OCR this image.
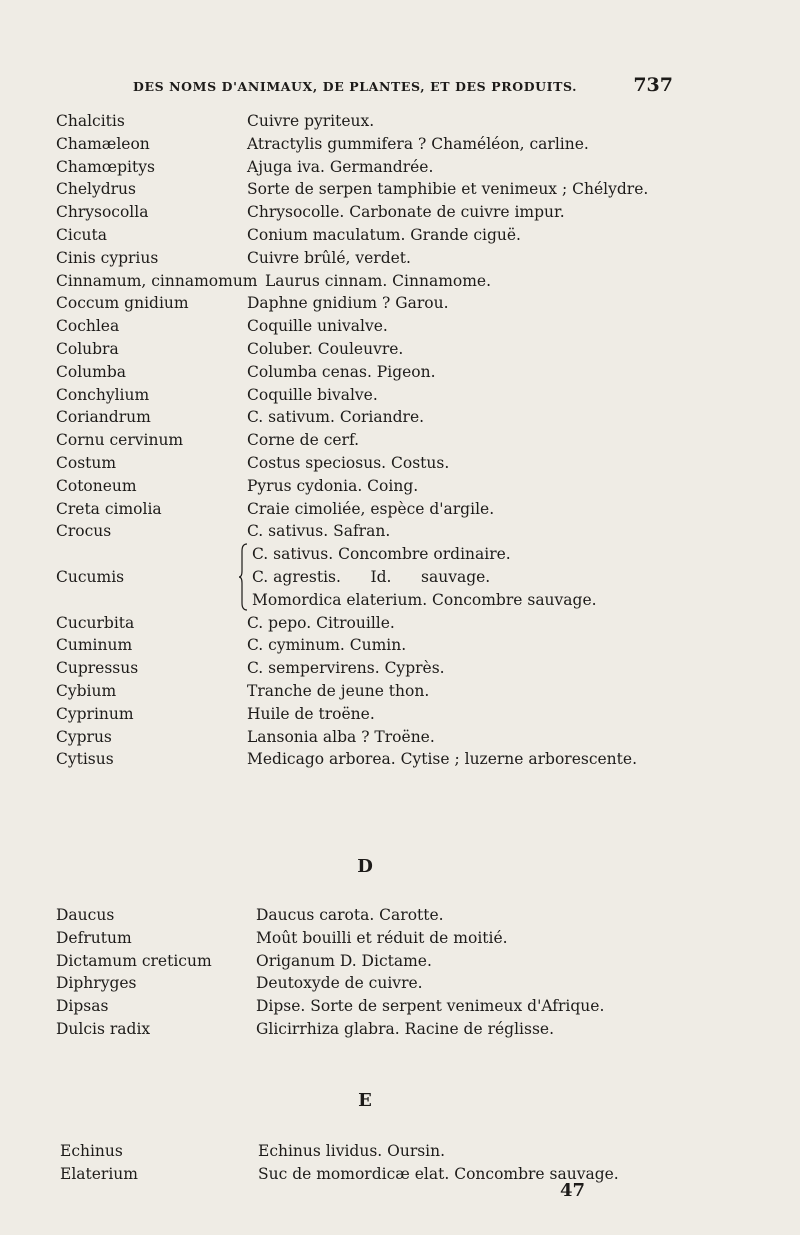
DES NOMS D'ANIMAUX, DE PLANTES, ET DES PRODUITS.	737
Chalcitis	Cuivre pyriteux.
Chamæleon	Atractylis gummifera ? Chaméléon, carline.
Chamœpitys	Ajuga iva. Germandrée.
Chelydrus	Sorte de serpen tamphibie et venimeux ; Chélydre.
Chrysocolla	Chrysocolle. Carbonate de cuivre impur.
Cicuta	Conium maculatum. Grande ciguë.
Cinis cyprius	Cuivre brûlé, verdet.
Cinnamum, cinnamomum Laurus cinnam. Cinnamome.
Coccum gnidium	Daphne gnidium ? Garou.
Cochlea	Coquille univalve.
Colubra	Coluber. Couleuvre.
Columba	Columba cenas. Pigeon.
Conchylium	Coquille bivalve.
Coriandrum	C. sativum. Coriandre.
Cornu cervinum	Corne de cerf.
Costum	Costus speciosus. Costus.
Cotoneum	Pyrus cydonia. Coing.
Creta cimolia	Craie cimoliée, espèce d'argile.
Crocus	C. sativus. Safran.
Cucumis
C. sativus. Concombre ordinaire.
C. agrestis.      Id.      sauvage.
Momordica elaterium. Concombre sauvage.
Cucurbita	C. pepo. Citrouille.
Cuminum	C. cyminum. Cumin.
Cupressus	C. sempervirens. Cyprès.
Cybium	Tranche de jeune thon.
Cyprinum	Huile de troëne.
Cyprus	Lansonia alba ? Troëne.
Cytisus	Medicago arborea. Cytise ; luzerne arborescente.
D
Daucus	Daucus carota. Carotte.
Defrutum	Moût bouilli et réduit de moitié.
Dictamum creticum	Origanum D. Dictame.
Diphryges	Deutoxyde de cuivre.
Dipsas	Dipse. Sorte de serpent venimeux d'Afrique.
Dulcis radix	Glicirrhiza glabra. Racine de réglisse.
E
Echinus	Echinus lividus. Oursin.
Elaterium	Suc de momordicæ elat. Concombre sauvage.
47
